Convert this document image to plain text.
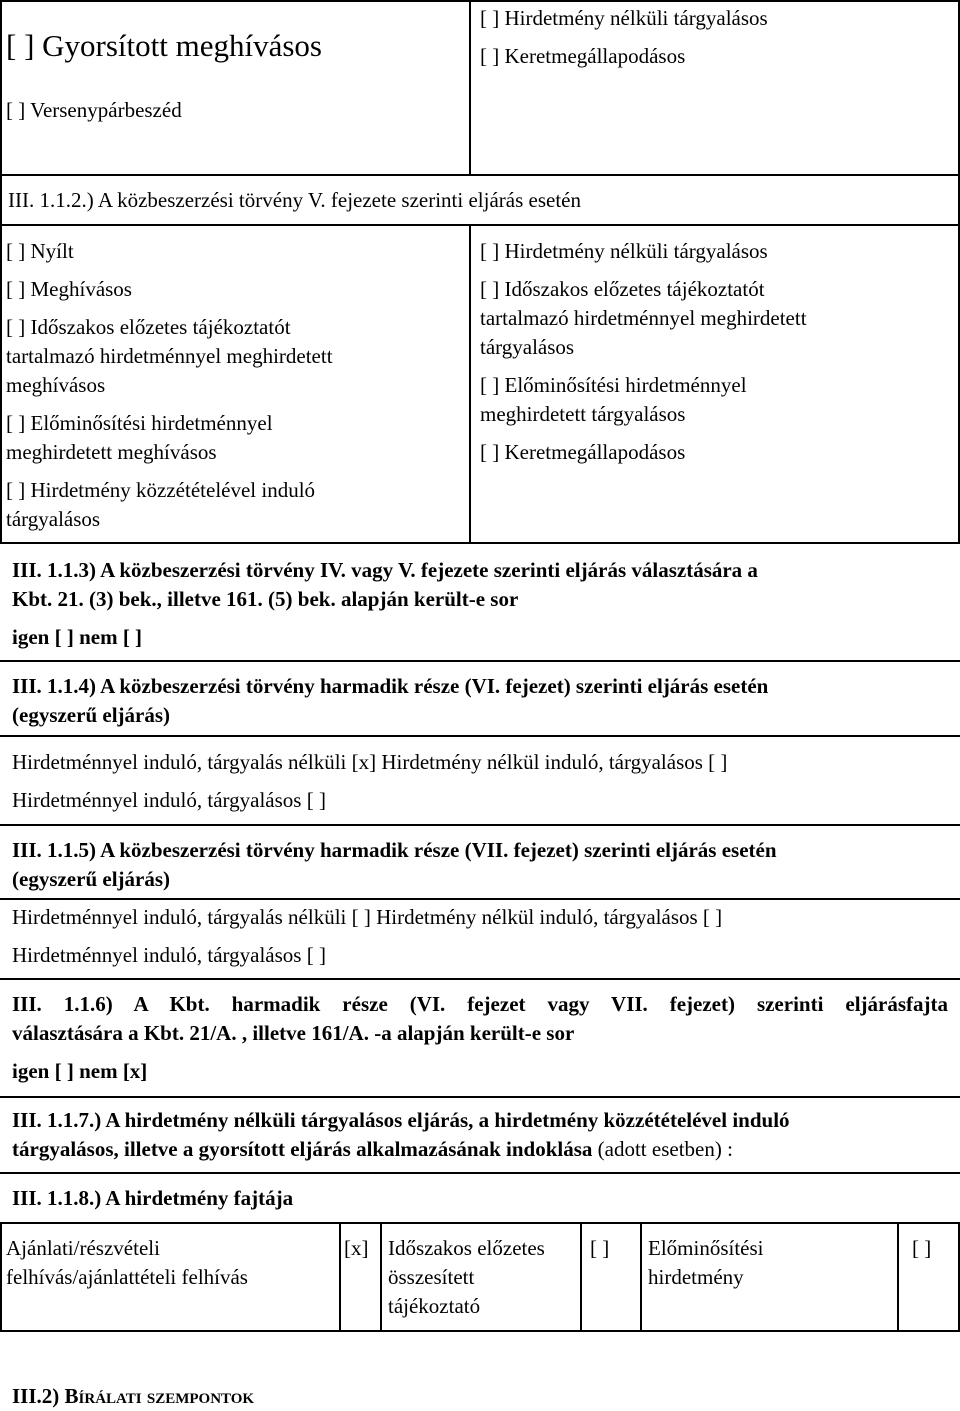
[ ] Gyorsított meghívásos
[ ] Versenypárbeszéd
[ ] Hirdetmény nélküli tárgyalásos
[ ] Keretmegállapodásos
III. 1.1.2.) A közbeszerzési törvény V. fejezete szerinti eljárás esetén
[ ] Nyílt
[ ] Meghívásos
[ ] Időszakos előzetes tájékoztatót
tartalmazó hirdetménnyel meghirdetett
meghívásos
[ ] Előminősítési hirdetménnyel
meghirdetett meghívásos
[ ] Hirdetmény közzétételével induló
tárgyalásos
[ ] Hirdetmény nélküli tárgyalásos
[ ] Időszakos előzetes tájékoztatót
tartalmazó hirdetménnyel meghirdetett
tárgyalásos
[ ] Előminősítési hirdetménnyel
meghirdetett tárgyalásos
[ ] Keretmegállapodásos
III. 1.1.3) A közbeszerzési törvény IV. vagy V. fejezete szerinti eljárás választására a
Kbt. 21. (3) bek., illetve 161. (5) bek. alapján került-e sor
igen [ ] nem [ ]
III. 1.1.4) A közbeszerzési törvény harmadik része (VI. fejezet) szerinti eljárás esetén
(egyszerű eljárás)
Hirdetménnyel induló, tárgyalás nélküli [x] Hirdetmény nélkül induló, tárgyalásos [ ]
Hirdetménnyel induló, tárgyalásos [ ]
III. 1.1.5) A közbeszerzési törvény harmadik része (VII. fejezet) szerinti eljárás esetén
(egyszerű eljárás)
Hirdetménnyel induló, tárgyalás nélküli [ ] Hirdetmény nélkül induló, tárgyalásos [ ]
Hirdetménnyel induló, tárgyalásos [ ]
III. 1.1.6) A Kbt. harmadik része (VI. fejezet vagy VII. fejezet) szerinti eljárásfajta
választására a Kbt. 21/A. , illetve 161/A. -a alapján került-e sor
igen [ ] nem [x]
III. 1.1.7.) A hirdetmény nélküli tárgyalásos eljárás, a hirdetmény közzétételével induló
tárgyalásos, illetve a gyorsított eljárás alkalmazásának indoklása (adott esetben) :
III. 1.1.8.) A hirdetmény fajtája
Ajánlati/részvételi
felhívás/ajánlattételi felhívás
[x] Időszakos előzetes
összesített
tájékoztató
[ ] Előminősítési
hirdetmény
[ ]
III.2) Bírálati szempontok
